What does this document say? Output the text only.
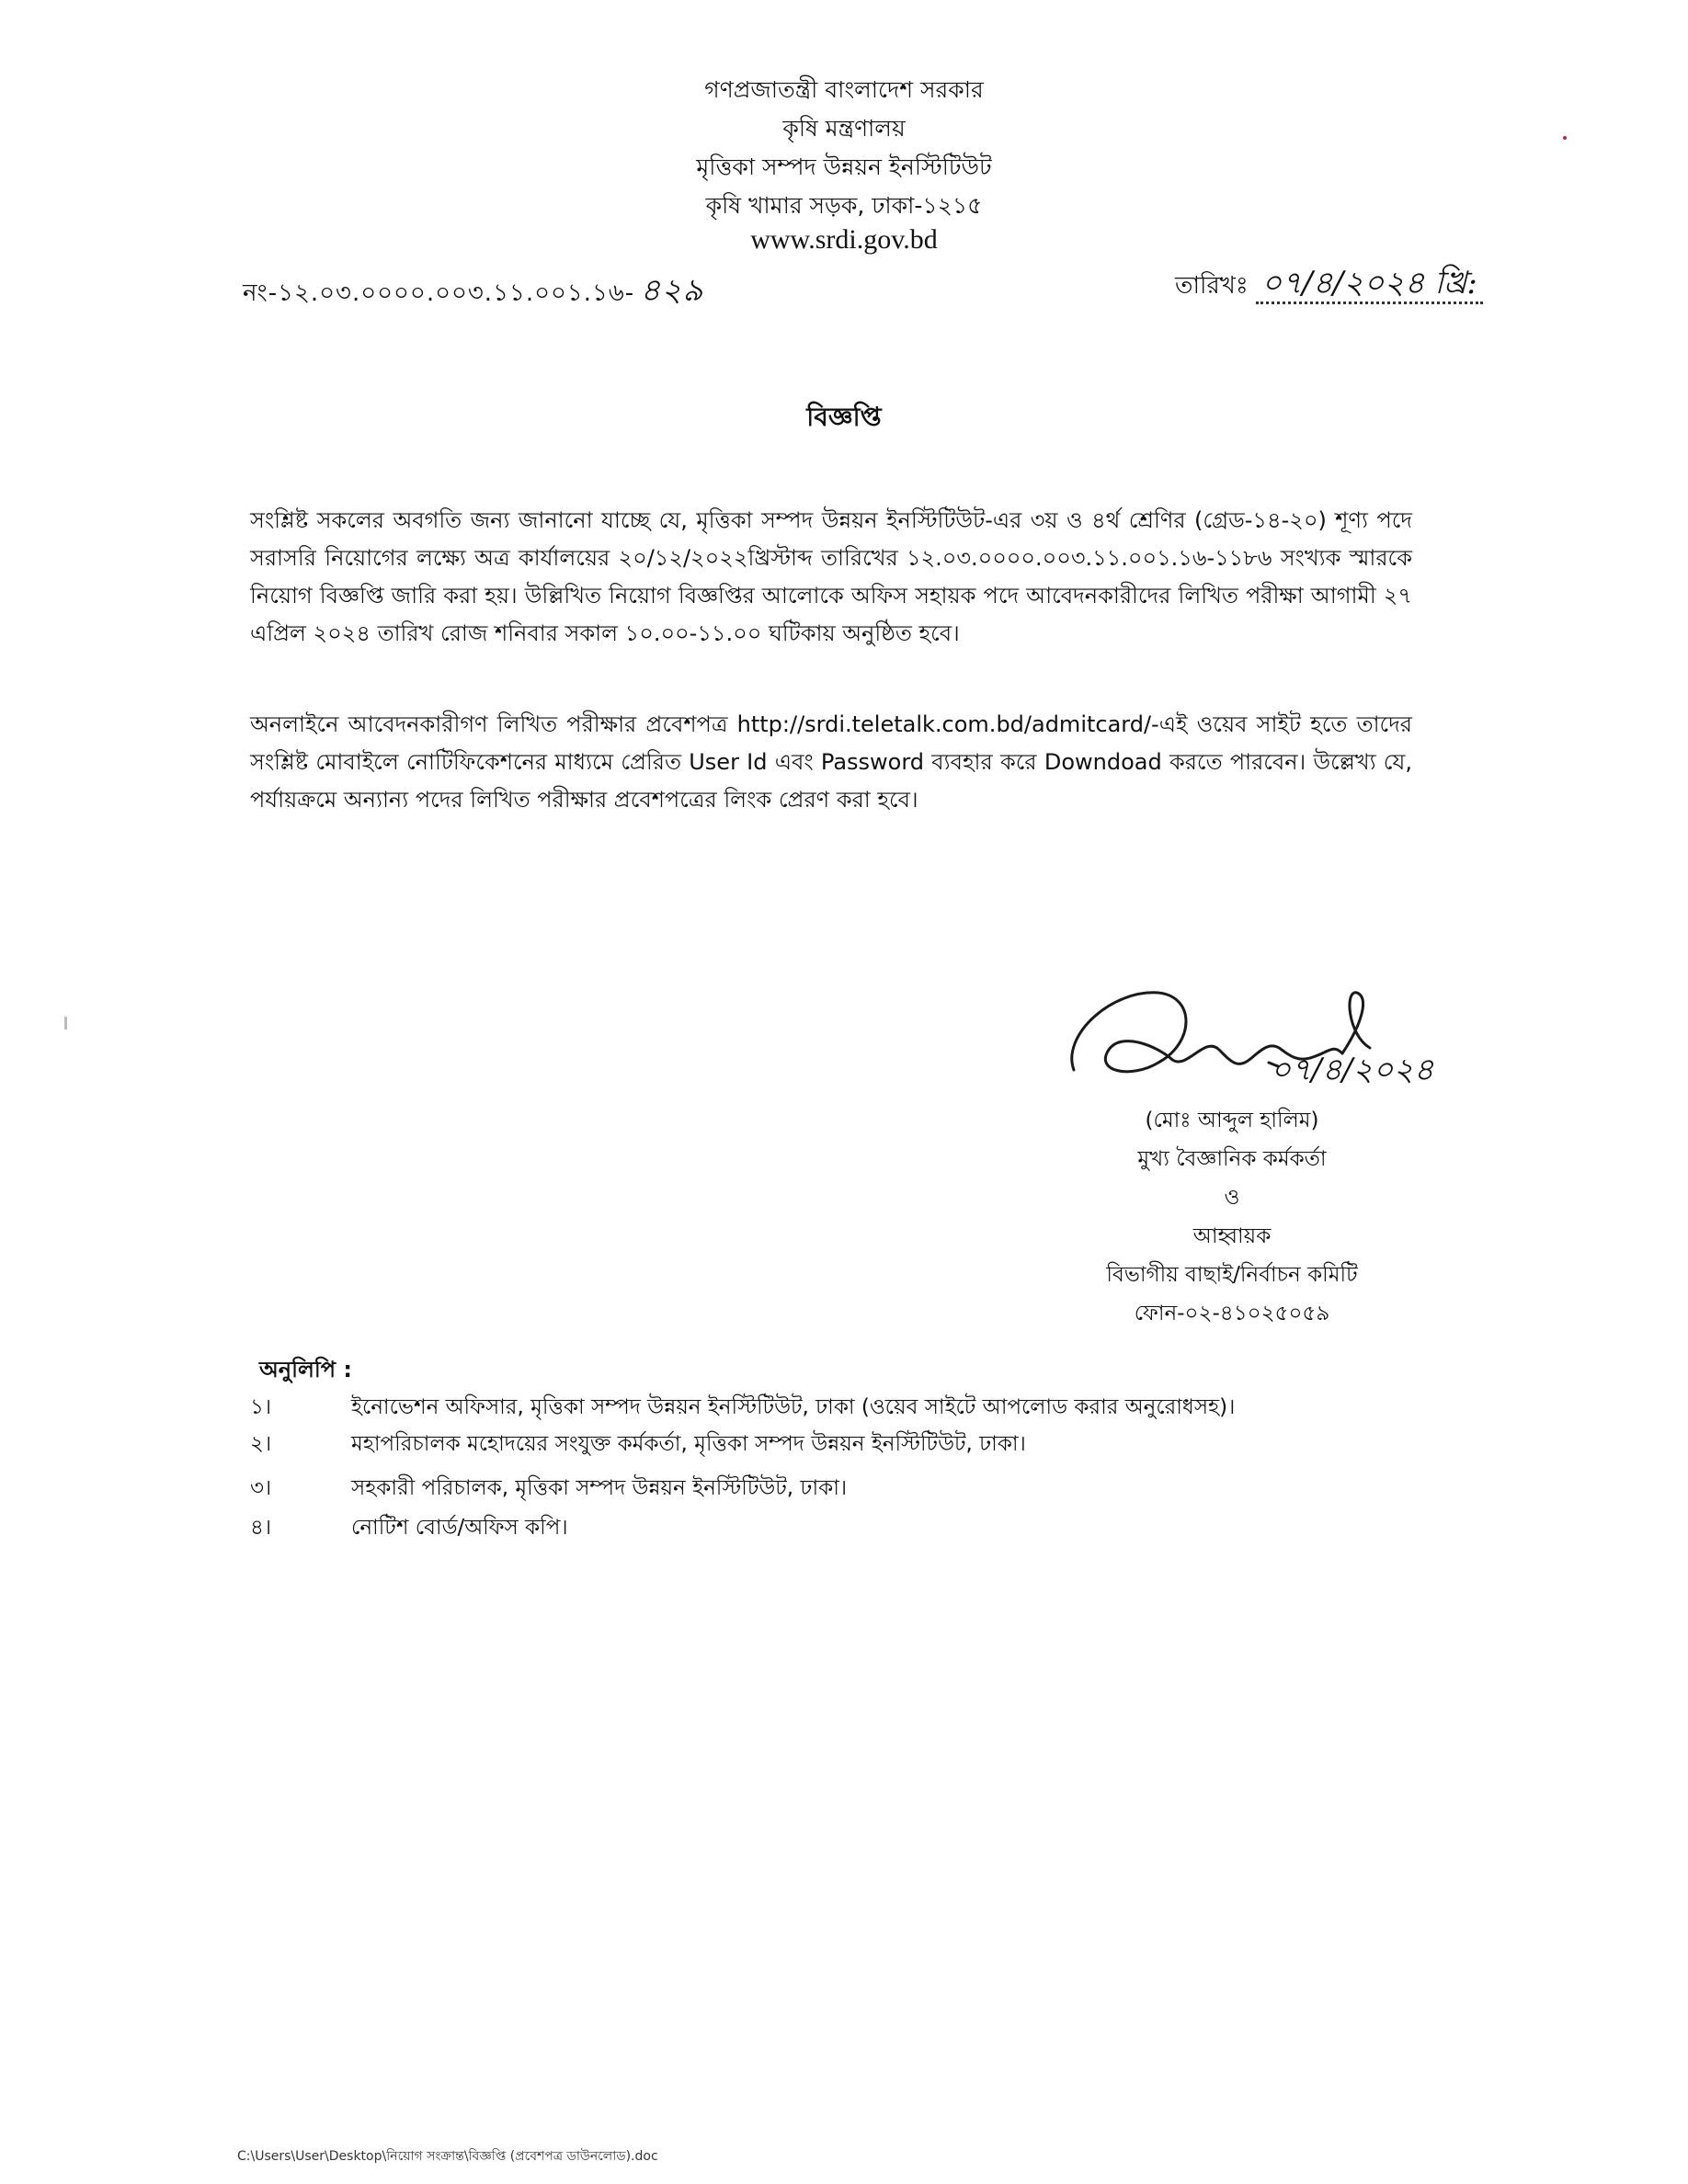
গণপ্রজাতন্ত্রী বাংলাদেশ সরকার
কৃষি মন্ত্রণালয়
মৃত্তিকা সম্পদ উন্নয়ন ইনস্টিটিউট
কৃষি খামার সড়ক, ঢাকা-১২১৫
www.srdi.gov.bd
নং-১২.০৩.০০০০.০০৩.১১.০০১.১৬- ৪২৯	তারিখঃ ০৭/৪/২০২৪ খ্রি:
বিজ্ঞপ্তি
সংশ্লিষ্ট সকলের অবগতি জন্য জানানো যাচ্ছে যে, মৃত্তিকা সম্পদ উন্নয়ন ইনস্টিটিউট-এর ৩য় ও ৪র্থ শ্রেণির (গ্রেড-১৪-২০) শূণ্য পদে সরাসরি নিয়োগের লক্ষ্যে অত্র কার্যালয়ের ২০/১২/২০২২খ্রিস্টাব্দ তারিখের ১২.০৩.০০০০.০০৩.১১.০০১.১৬-১১৮৬ সংখ্যক স্মারকে নিয়োগ বিজ্ঞপ্তি জারি করা হয়। উল্লিখিত নিয়োগ বিজ্ঞপ্তির আলোকে অফিস সহায়ক পদে আবেদনকারীদের লিখিত পরীক্ষা আগামী ২৭ এপ্রিল ২০২৪ তারিখ রোজ শনিবার সকাল ১০.০০-১১.০০ ঘটিকায় অনুষ্ঠিত হবে।
অনলাইনে আবেদনকারীগণ লিখিত পরীক্ষার প্রবেশপত্র http://srdi.teletalk.com.bd/admitcard/-এই ওয়েব সাইট হতে তাদের সংশ্লিষ্ট মোবাইলে নোটিফিকেশনের মাধ্যমে প্রেরিত User Id এবং Password ব্যবহার করে Downdoad করতে পারবেন। উল্লেখ্য যে, পর্যায়ক্রমে অন্যান্য পদের লিখিত পরীক্ষার প্রবেশপত্রের লিংক প্রেরণ করা হবে।
০৭/৪/২০২৪
(মোঃ আব্দুল হালিম)
মুখ্য বৈজ্ঞানিক কর্মকর্তা
ও
আহ্বায়ক
বিভাগীয় বাছাই/নির্বাচন কমিটি
ফোন-০২-৪১০২৫০৫৯
অনুলিপি :
১।	ইনোভেশন অফিসার, মৃত্তিকা সম্পদ উন্নয়ন ইনস্টিটিউট, ঢাকা (ওয়েব সাইটে আপলোড করার অনুরোধসহ)।
২।	মহাপরিচালক মহোদয়ের সংযুক্ত কর্মকর্তা, মৃত্তিকা সম্পদ উন্নয়ন ইনস্টিটিউট, ঢাকা।
৩।	সহকারী পরিচালক, মৃত্তিকা সম্পদ উন্নয়ন ইনস্টিটিউট, ঢাকা।
৪।	নোটিশ বোর্ড/অফিস কপি।
C:\Users\User\Desktop\নিয়োগ সংক্রান্ত\বিজ্ঞপ্তি (প্রবেশপত্র ডাউনলোড).doc
